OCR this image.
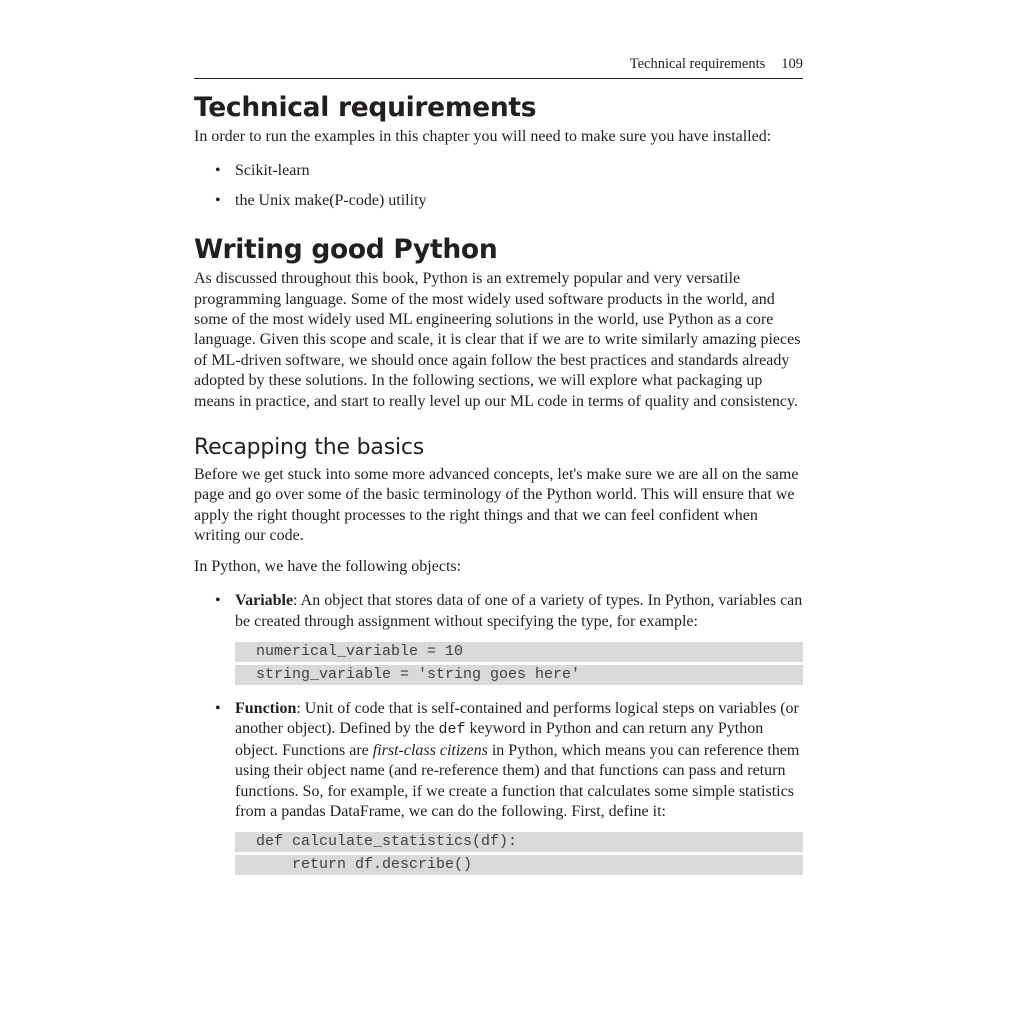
Technical requirements 109
Technical requirements

In order to run the examples in this chapter you will need to make sure you have installed:

• Scikit-learn
• the Unix make(P-code) utility
Writing good Python

As discussed throughout this book, Python is an extremely popular and very versatile programming language. Some of the most widely used software products in the world, and some of the most widely used ML engineering solutions in the world, use Python as a core language. Given this scope and scale, it is clear that if we are to write similarly amazing pieces of ML-driven software, we should once again follow the best practices and standards already adopted by these solutions. In the following sections, we will explore what packaging up means in practice, and start to really level up our ML code in terms of quality and consistency.

Recapping the basics

Before we get stuck into some more advanced concepts, let's make sure we are all on the same page and go over some of the basic terminology of the Python world. This will ensure that we apply the right thought processes to the right things and that we can feel confident when writing our code.

In Python, we have the following objects:

• Variable: An object that stores data of one of a variety of types. In Python, variables can be created through assignment without specifying the type, for example:
numerical_variable = 10
string_variable = 'string goes here'
• Function: Unit of code that is self-contained and performs logical steps on variables (or another object). Defined by the def keyword in Python and can return any Python object. Functions are first-class citizens in Python, which means you can reference them using their object name (and re-reference them) and that functions can pass and return functions. So, for example, if we create a function that calculates some simple statistics from a pandas DataFrame, we can do the following. First, define it:
def calculate_statistics(df):
return df.describe()
